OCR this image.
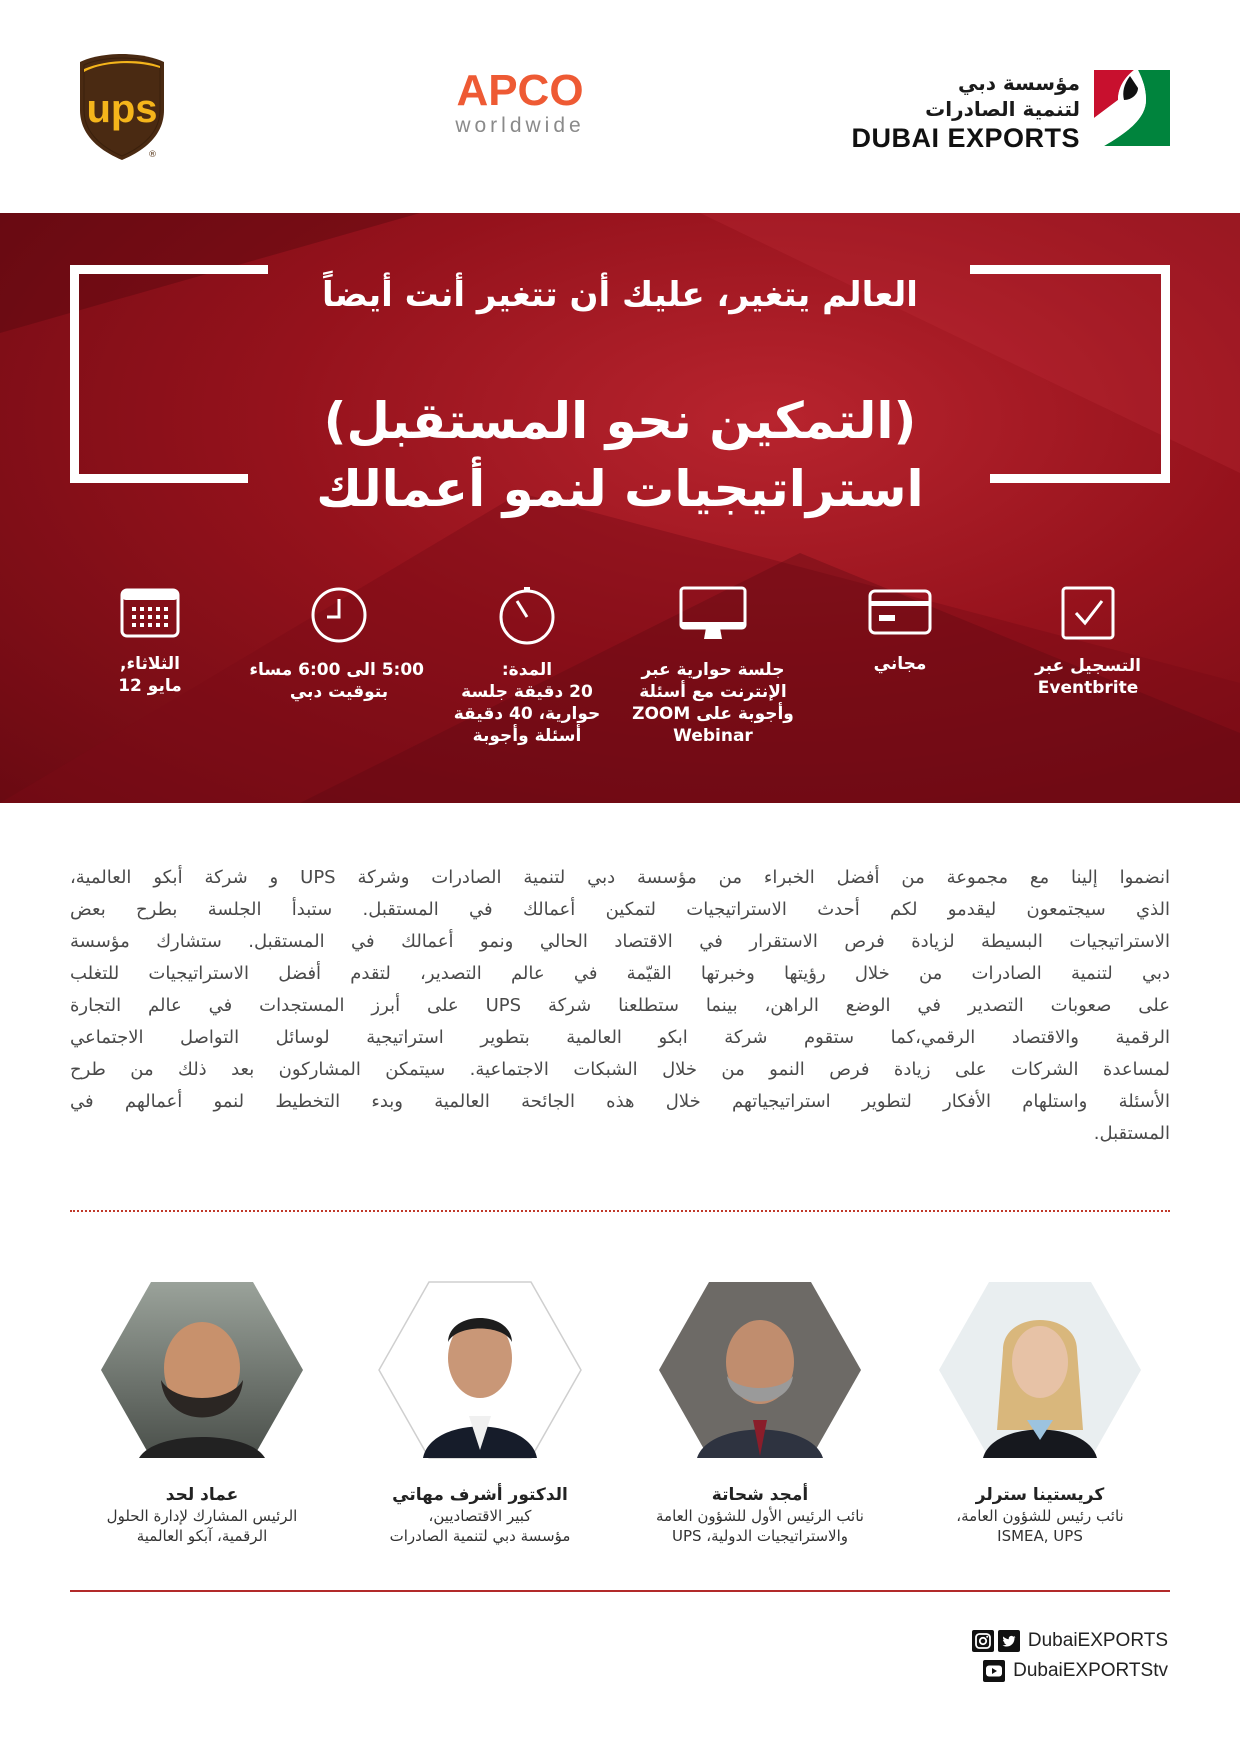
ups
®
APCO
worldwide
مؤسسة دبي
لتنمية الصادرات
DUBAI EXPORTS
العالم يتغير، عليك أن تتغير أنت أيضاً
(التمكين نحو المستقبل)
استراتيجيات لنمو أعمالك
الثلاثاء,
مايو 12
5:00 الى 6:00 مساء
بتوقيت دبي
المدة:
20 دقيقة جلسة
حوارية، 40 دقيقة
أسئلة وأجوبة
جلسة حوارية عبر
الإنترنت مع أسئلة
وأجوبة على ZOOM
Webinar
مجاني	التسجيل عبر
Eventbrite
انضموا إلينا مع مجموعة من أفضل الخبراء من مؤسسة دبي لتنمية الصادرات وشركة UPS و شركة أبكو العالمية،
الذي سيجتمعون ليقدمو لكم أحدث الاستراتيجيات لتمكين أعمالك في المستقبل. ستبدأ الجلسة بطرح بعض
الاستراتيجيات البسيطة لزيادة فرص الاستقرار في الاقتصاد الحالي ونمو أعمالك في المستقبل. ستشارك مؤسسة
دبي لتنمية الصادرات من خلال رؤيتها وخبرتها القيّمة في عالم التصدير، لتقدم أفضل الاستراتيجيات للتغلب
على صعوبات التصدير في الوضع الراهن، بينما ستطلعنا شركة UPS على أبرز المستجدات في عالم التجارة
الرقمية والاقتصاد الرقمي،كما ستقوم شركة ابكو العالمية بتطوير استراتيجية لوسائل التواصل الاجتماعي
لمساعدة الشركات على زيادة فرص النمو من خلال الشبكات الاجتماعية. سيتمكن المشاركون بعد ذلك من طرح
الأسئلة واستلهام الأفكار لتطوير استراتيجياتهم خلال هذه الجائحة العالمية وبدء التخطيط لنمو أعمالهم في
المستقبل.
عماد لحد
الرئيس المشارك لإدارة الحلول
الرقمية، آبكو العالمية
الدكتور أشرف مهاتي
كبير الاقتصاديين،
مؤسسة دبي لتنمية الصادرات
أمجد شحاتة
نائب الرئيس الأول للشؤون العامة
والاستراتيجيات الدولية، UPS
كريستينا سترلر
نائب رئيس للشؤون العامة،
ISMEA, UPS
DubaiEXPORTS
DubaiEXPORTStv
